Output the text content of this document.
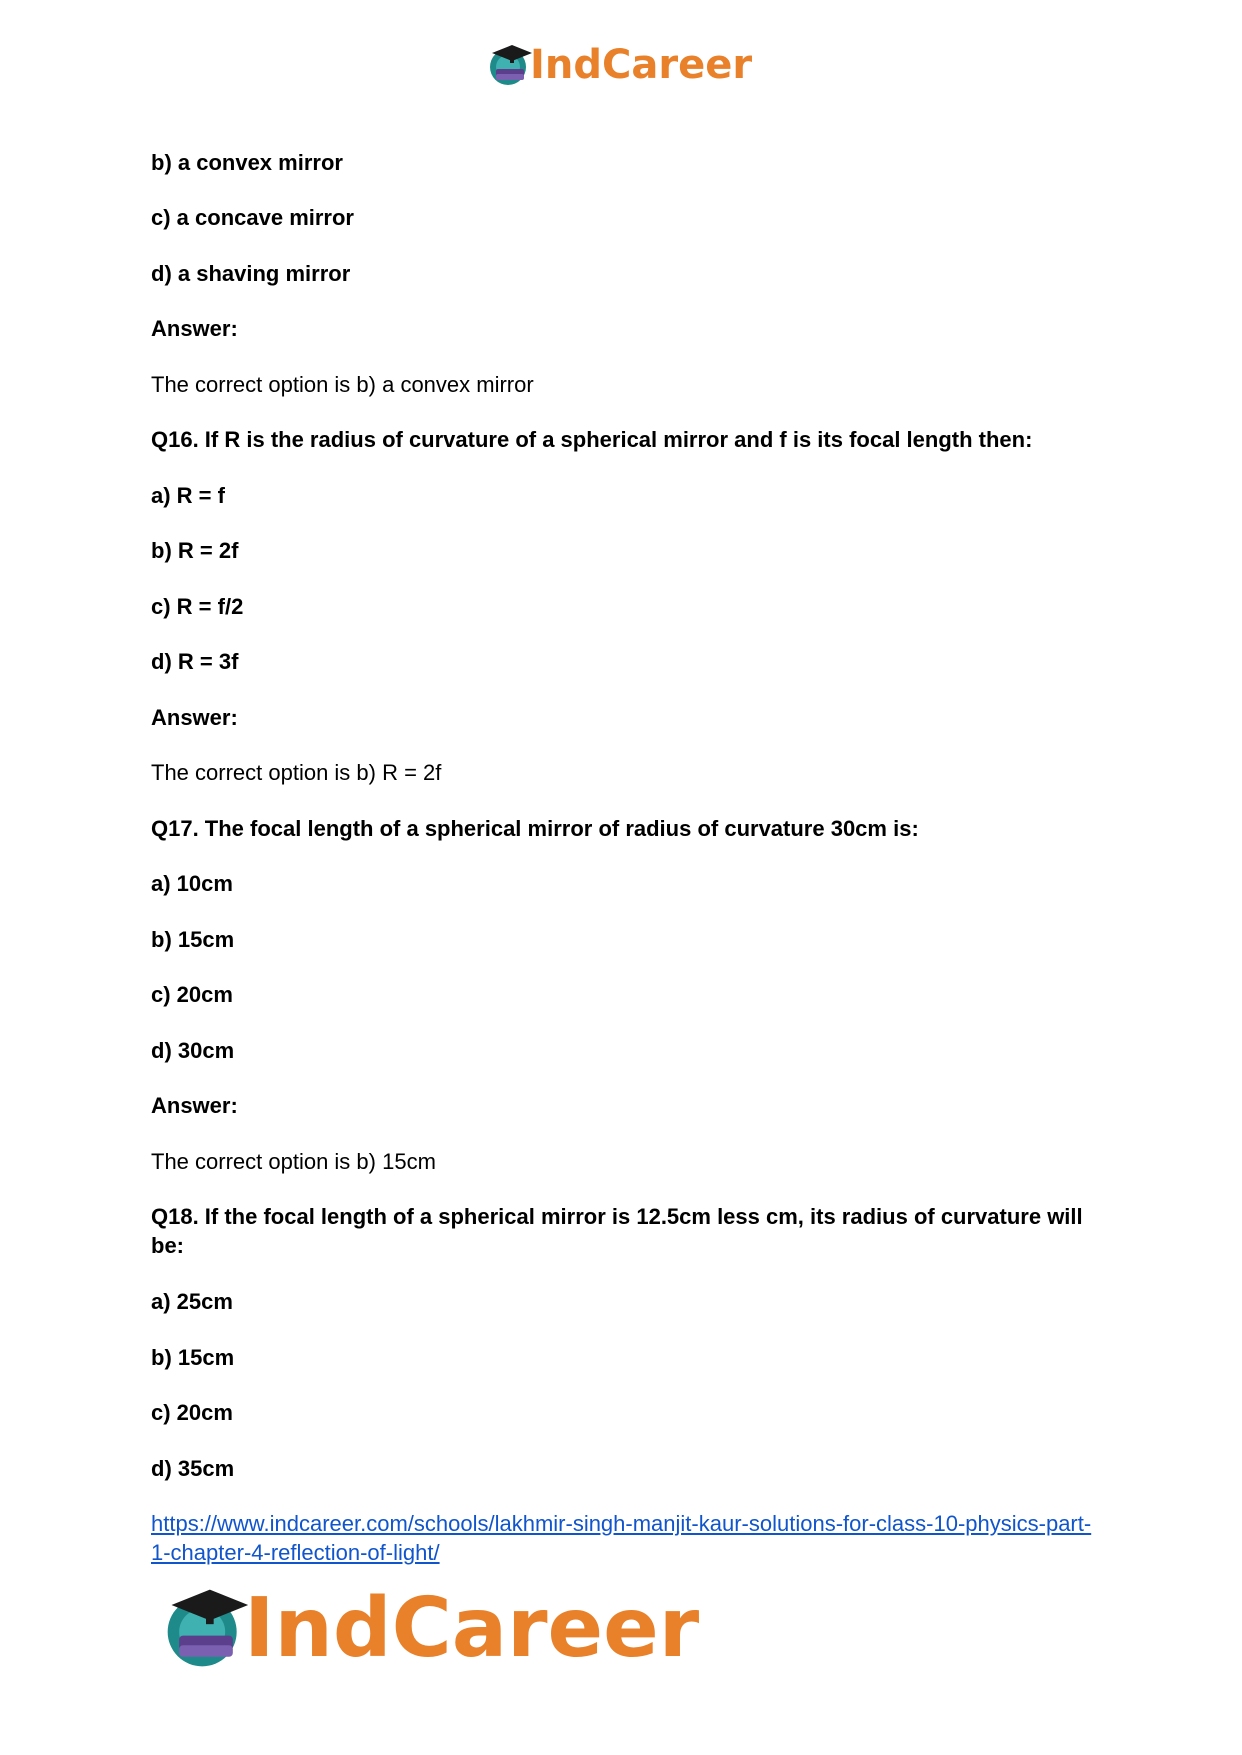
IndCareer
b) a convex mirror
c) a concave mirror
d) a shaving mirror
Answer:
The correct option is b) a convex mirror
Q16. If R is the radius of curvature of a spherical mirror and f is its focal length then:
a) R = f
b) R = 2f
c) R = f/2
d) R = 3f
Answer:
The correct option is b) R = 2f
Q17. The focal length of a spherical mirror of radius of curvature 30cm is:
a) 10cm
b) 15cm
c) 20cm
d) 30cm
Answer:
The correct option is b) 15cm
Q18. If the focal length of a spherical mirror is 12.5cm less cm, its radius of curvature will be:
a) 25cm
b) 15cm
c) 20cm
d) 35cm
https://www.indcareer.com/schools/lakhmir-singh-manjit-kaur-solutions-for-class-10-physics-part-1-chapter-4-reflection-of-light/
IndCareer
